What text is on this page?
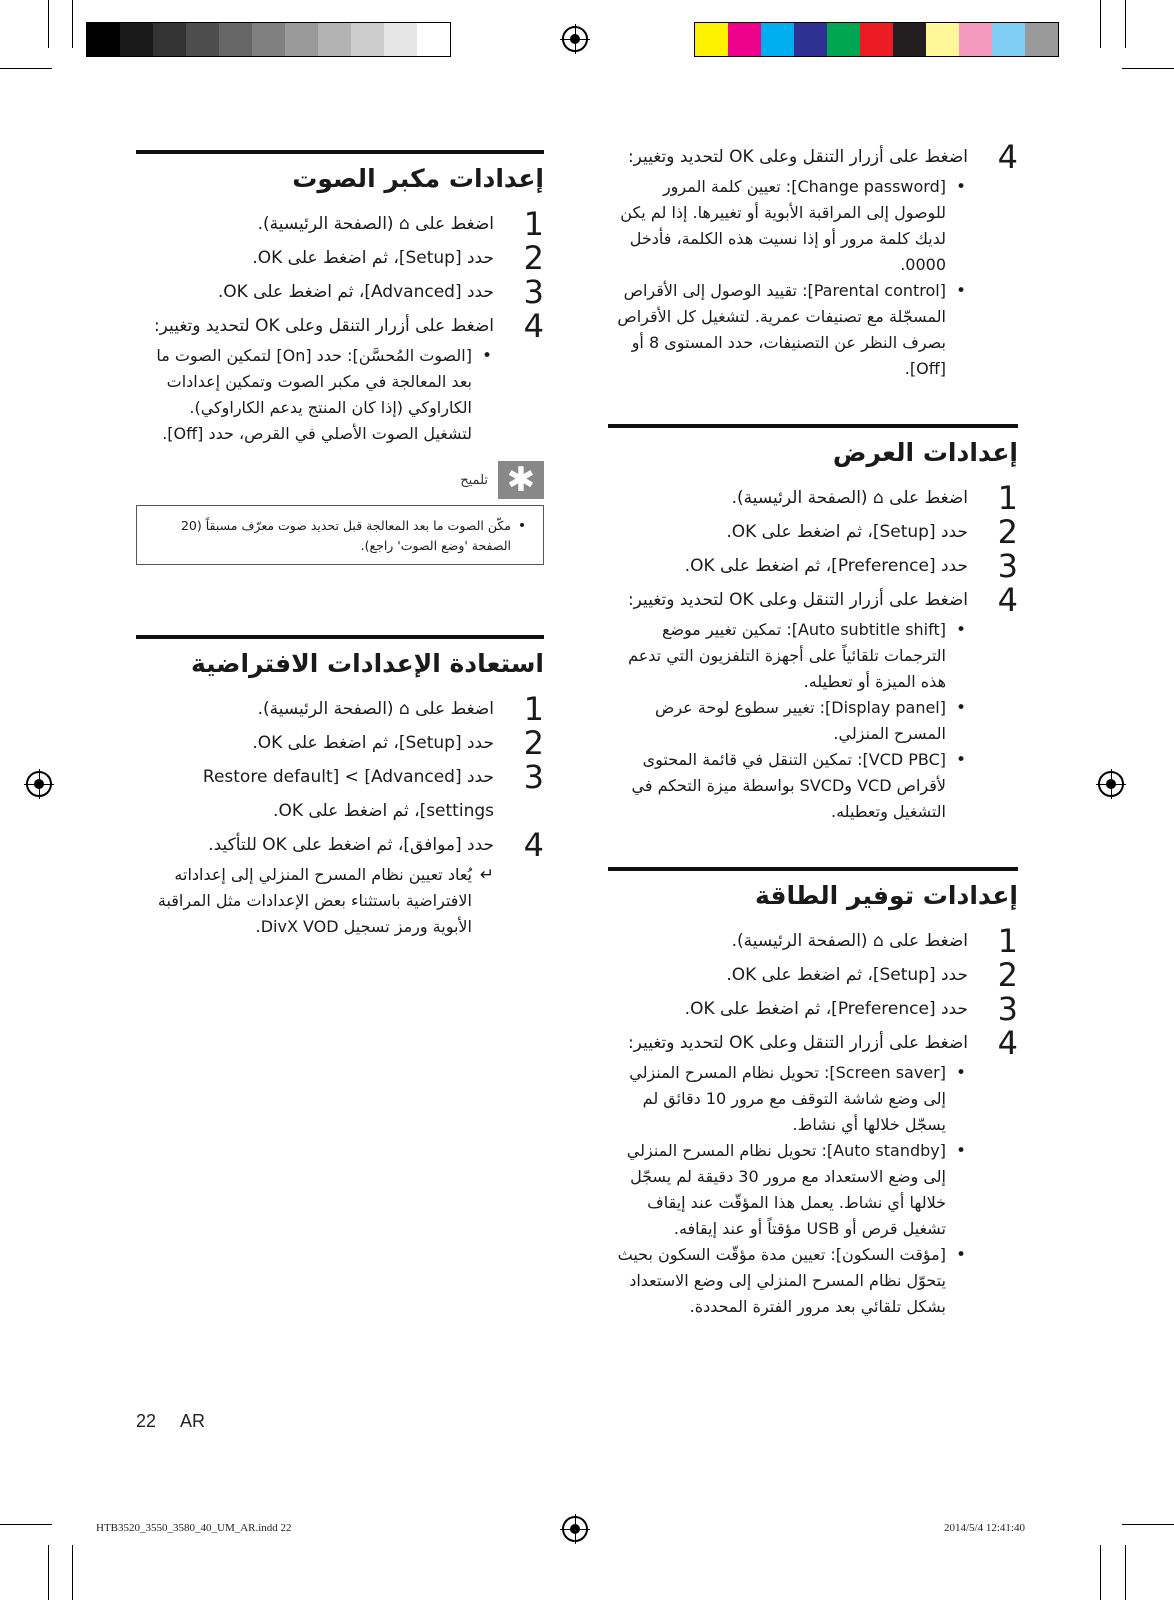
4
اضغط على أزرار التنقل وعلى OK لتحديد وتغيير:
•
[Change password]: تعيين كلمة المرور للوصول إلى المراقبة الأبوية أو تغييرها. إذا لم يكن لديك كلمة مرور أو إذا نسيت هذه الكلمة، فأدخل 0000.
•
[Parental control]: تقييد الوصول إلى الأقراص المسجّلة مع تصنيفات عمرية. لتشغيل كل الأقراص بصرف النظر عن التصنيفات، حدد المستوى 8 أو [Off].
إعدادات العرض
1
اضغط على ⌂ (الصفحة الرئيسية).
2
حدد [Setup]، ثم اضغط على OK.
3
حدد [Preference]، ثم اضغط على OK.
4
اضغط على أزرار التنقل وعلى OK لتحديد وتغيير:
•
[Auto subtitle shift]: تمكين تغيير موضع الترجمات تلقائياً على أجهزة التلفزيون التي تدعم هذه الميزة أو تعطيله.
•
[Display panel]: تغيير سطوع لوحة عرض المسرح المنزلي.
•
[VCD PBC]: تمكين التنقل في قائمة المحتوى لأقراص VCD وSVCD بواسطة ميزة التحكم في التشغيل وتعطيله.
إعدادات توفير الطاقة
1
اضغط على ⌂ (الصفحة الرئيسية).
2
حدد [Setup]، ثم اضغط على OK.
3
حدد [Preference]، ثم اضغط على OK.
4
اضغط على أزرار التنقل وعلى OK لتحديد وتغيير:
•
[Screen saver]: تحويل نظام المسرح المنزلي إلى وضع شاشة التوقف مع مرور 10 دقائق لم يسجّل خلالها أي نشاط.
•
[Auto standby]: تحويل نظام المسرح المنزلي إلى وضع الاستعداد مع مرور 30 دقيقة لم يسجّل خلالها أي نشاط. يعمل هذا المؤقّت عند إيقاف تشغيل قرص أو USB مؤقتاً أو عند إيقافه.
•
[مؤقت السكون]: تعيين مدة مؤقّت السكون بحيث يتحوّل نظام المسرح المنزلي إلى وضع الاستعداد بشكل تلقائي بعد مرور الفترة المحددة.
إعدادات مكبر الصوت
1
اضغط على ⌂ (الصفحة الرئيسية).
2
حدد [Setup]، ثم اضغط على OK.
3
حدد [Advanced]، ثم اضغط على OK.
4
اضغط على أزرار التنقل وعلى OK لتحديد وتغيير:
•
[الصوت المُحسَّن]: حدد [On] لتمكين الصوت ما بعد المعالجة في مكبر الصوت وتمكين إعدادات الكاراوكي (إذا كان المنتج يدعم الكاراوكي). لتشغيل الصوت الأصلي في القرص، حدد [Off].
✱
تلميح
•
مكّن الصوت ما بعد المعالجة قبل تحديد صوت معرّف مسبقاً (20 الصفحة 'وضع الصوت' راجع).
استعادة الإعدادات الافتراضية
1
اضغط على ⌂ (الصفحة الرئيسية).
2
حدد [Setup]، ثم اضغط على OK.
3
حدد [Advanced] > [Restore default settings]، ثم اضغط على OK.
4
حدد [موافق]، ثم اضغط على OK للتأكيد.
↵
يُعاد تعيين نظام المسرح المنزلي إلى إعداداته الافتراضية باستثناء بعض الإعدادات مثل المراقبة الأبوية ورمز تسجيل DivX VOD.
22 AR
HTB3520_3550_3580_40_UM_AR.indd 22	2014/5/4 12:41:40
